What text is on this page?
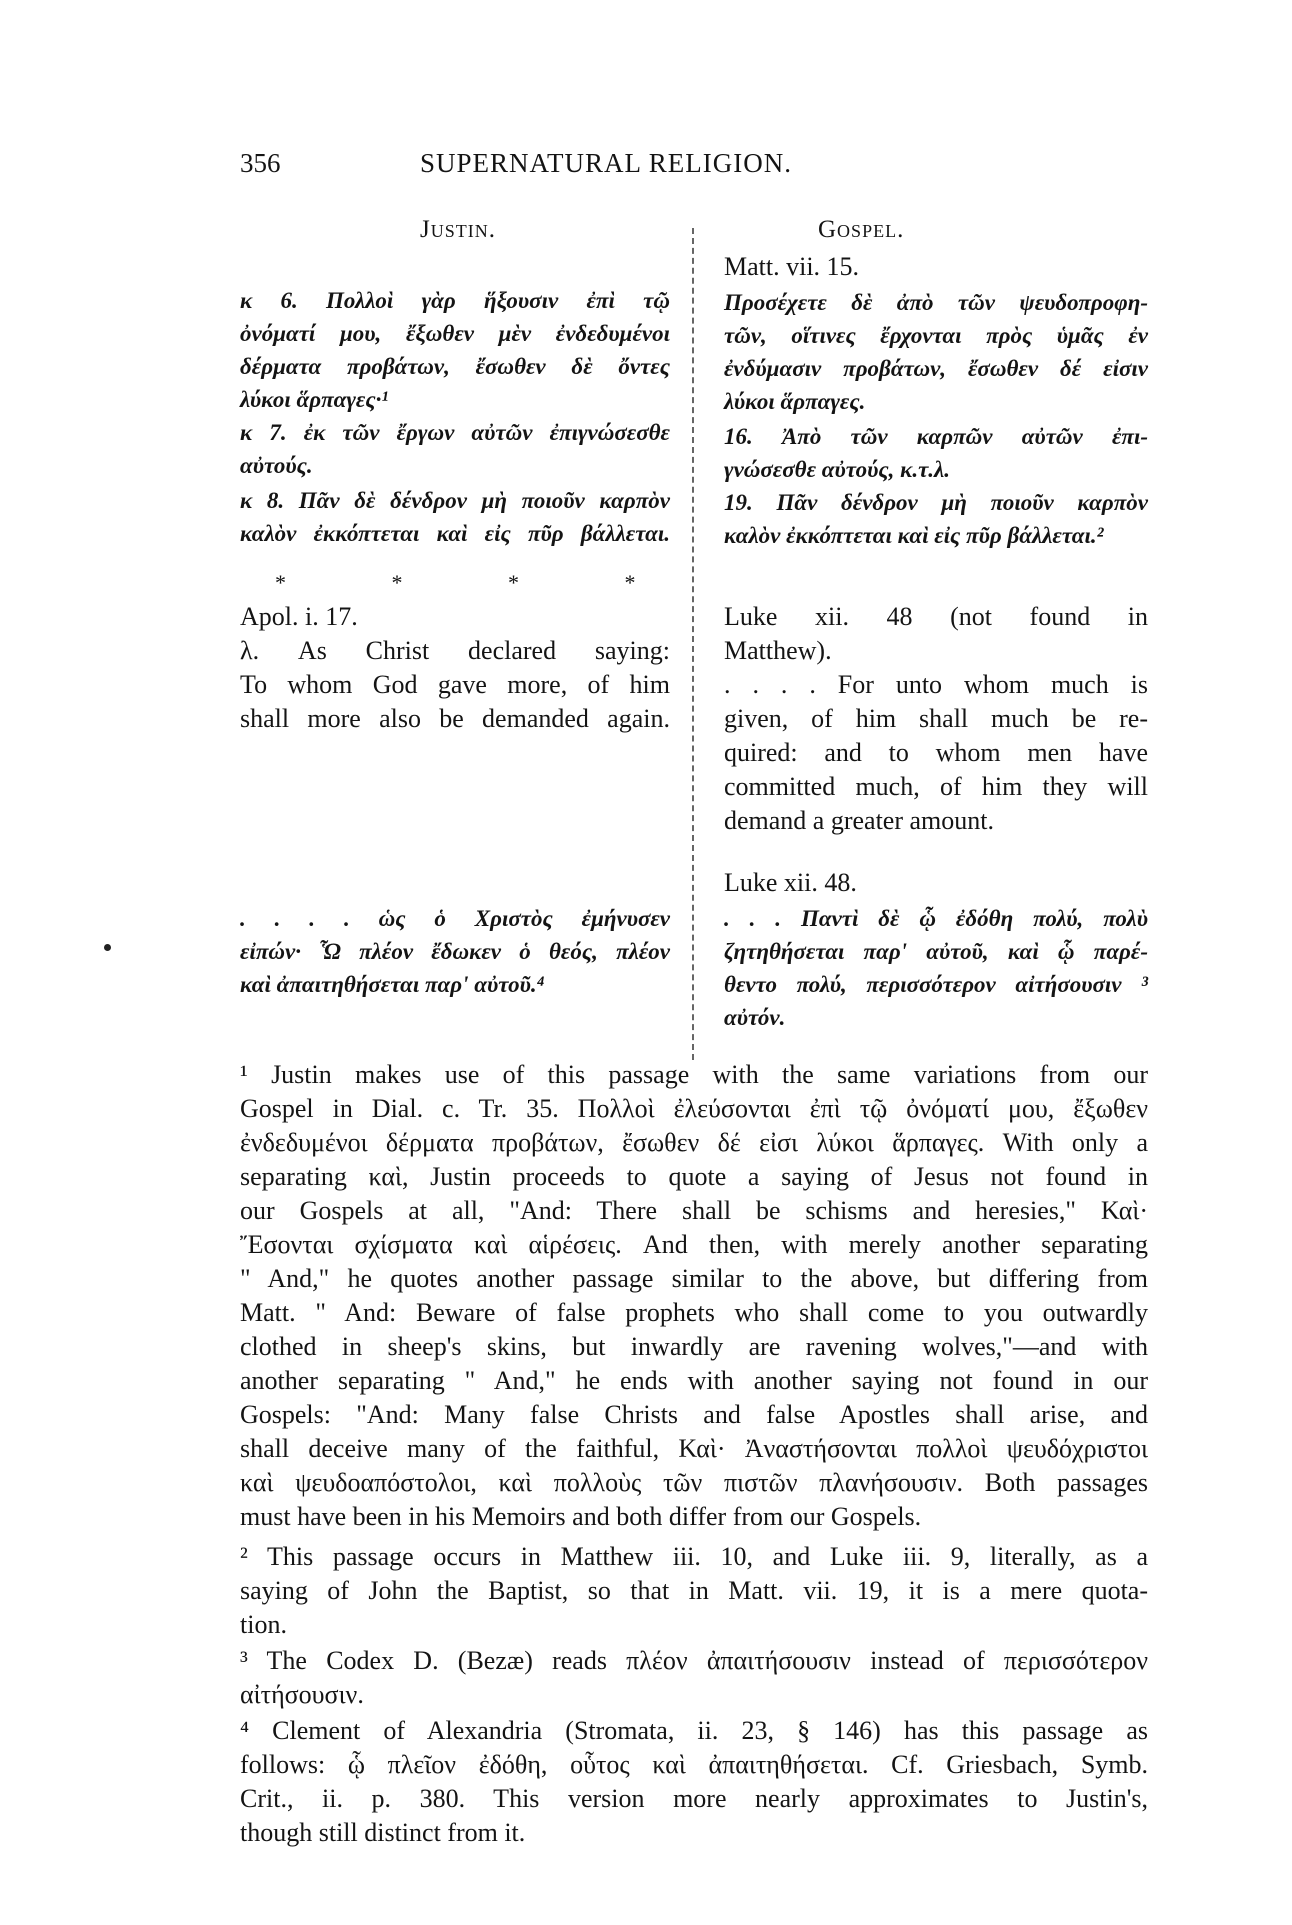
356	SUPERNATURAL RELIGION.
Justin.	Gospel.
κ 6. Πολλοὶ γὰρ ἥξουσιν ἐπὶ τῷ
ὀνόματί μου, ἔξωθεν μὲν ἐνδεδυμένοι
δέρματα προβάτων, ἔσωθεν δὲ ὄντες
λύκοι ἅρπαγες·¹
κ 7. ἐκ τῶν ἔργων αὐτῶν ἐπιγνώσεσθε
αὐτούς.
κ 8. Πᾶν δὲ δένδρον μὴ ποιοῦν καρπὸν
καλὸν ἐκκόπτεται καὶ εἰς πῦρ βάλλεται.
* * * *
Apol. i. 17.
λ. As Christ declared saying:
To whom God gave more, of him
shall more also be demanded again.
. . . . ὡς ὁ Χριστὸς ἐμήνυσεν
εἰπών· Ὧ πλέον ἔδωκεν ὁ θεός, πλέον
καὶ ἀπαιτηθήσεται παρ' αὐτοῦ.⁴
Matt. vii. 15.
Προσέχετε δὲ ἀπὸ τῶν ψευδοπροφη-
τῶν, οἵτινες ἔρχονται πρὸς ὑμᾶς ἐν
ἐνδύμασιν προβάτων, ἔσωθεν δέ εἰσιν
λύκοι ἅρπαγες.
16. Ἀπὸ τῶν καρπῶν αὐτῶν ἐπι-
γνώσεσθε αὐτούς, κ.τ.λ.
19. Πᾶν δένδρον μὴ ποιοῦν καρπὸν
καλὸν ἐκκόπτεται καὶ εἰς πῦρ βάλλεται.²
Luke xii. 48 (not found in
Matthew).
. . . . For unto whom much is
given, of him shall much be re-
quired: and to whom men have
committed much, of him they will
demand a greater amount.
Luke xii. 48.
. . . Παντὶ δὲ ᾧ ἐδόθη πολύ, πολὺ
ζητηθήσεται παρ' αὐτοῦ, καὶ ᾧ παρέ-
θεντο πολύ, περισσότερον αἰτήσουσιν ³
αὐτόν.
¹ Justin makes use of this passage with the same variations from our
Gospel in Dial. c. Tr. 35. Πολλοὶ ἐλεύσονται ἐπὶ τῷ ὀνόματί μου, ἔξωθεν
ἐνδεδυμένοι δέρματα προβάτων, ἔσωθεν δέ εἰσι λύκοι ἅρπαγες. With only a
separating καὶ, Justin proceeds to quote a saying of Jesus not found in
our Gospels at all, "And: There shall be schisms and heresies," Καὶ·
Ἔσονται σχίσματα καὶ αἱρέσεις. And then, with merely another separating
" And," he quotes another passage similar to the above, but differing from
Matt. " And: Beware of false prophets who shall come to you outwardly
clothed in sheep's skins, but inwardly are ravening wolves,"—and with
another separating " And," he ends with another saying not found in our
Gospels: "And: Many false Christs and false Apostles shall arise, and
shall deceive many of the faithful, Καὶ· Ἀναστήσονται πολλοὶ ψευδόχριστοι
καὶ ψευδοαπόστολοι, καὶ πολλοὺς τῶν πιστῶν πλανήσουσιν. Both passages
must have been in his Memoirs and both differ from our Gospels.
² This passage occurs in Matthew iii. 10, and Luke iii. 9, literally, as a
saying of John the Baptist, so that in Matt. vii. 19, it is a mere quota-
tion.
³ The Codex D. (Bezæ) reads πλέον ἀπαιτήσουσιν instead of περισσότερον
αἰτήσουσιν.
⁴ Clement of Alexandria (Stromata, ii. 23, § 146) has this passage as
follows: ᾧ πλεῖον ἐδόθη, οὗτος καὶ ἀπαιτηθήσεται. Cf. Griesbach, Symb.
Crit., ii. p. 380. This version more nearly approximates to Justin's,
though still distinct from it.
